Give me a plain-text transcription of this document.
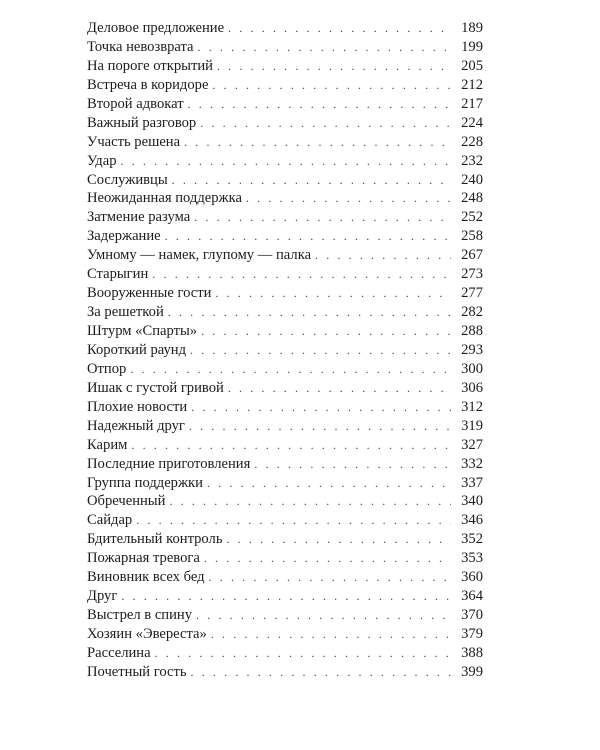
Деловое предложение . . .	189
Точка невозврата . . .	199
На пороге открытий . . .	205
Встреча в коридоре . . .	212
Второй адвокат . . .	217
Важный разговор . . .	224
Участь решена . . .	228
Удар . . .	232
Сослуживцы . . .	240
Неожиданная поддержка . . .	248
Затмение разума . . .	252
Задержание . . .	258
Умному — намек, глупому — палка . . .	267
Старыгин . . .	273
Вооруженные гости . . .	277
За решеткой . . .	282
Штурм «Спарты» . . .	288
Короткий раунд . . .	293
Отпор . . .	300
Ишак с густой гривой . . .	306
Плохие новости . . .	312
Надежный друг . . .	319
Карим . . .	327
Последние приготовления . . .	332
Группа поддержки . . .	337
Обреченный . . .	340
Сайдар . . .	346
Бдительный контроль . . .	352
Пожарная тревога . . .	353
Виновник всех бед . . .	360
Друг . . .	364
Выстрел в спину . . .	370
Хозяин «Эвереста» . . .	379
Расселина . . .	388
Почетный гость . . .	399
